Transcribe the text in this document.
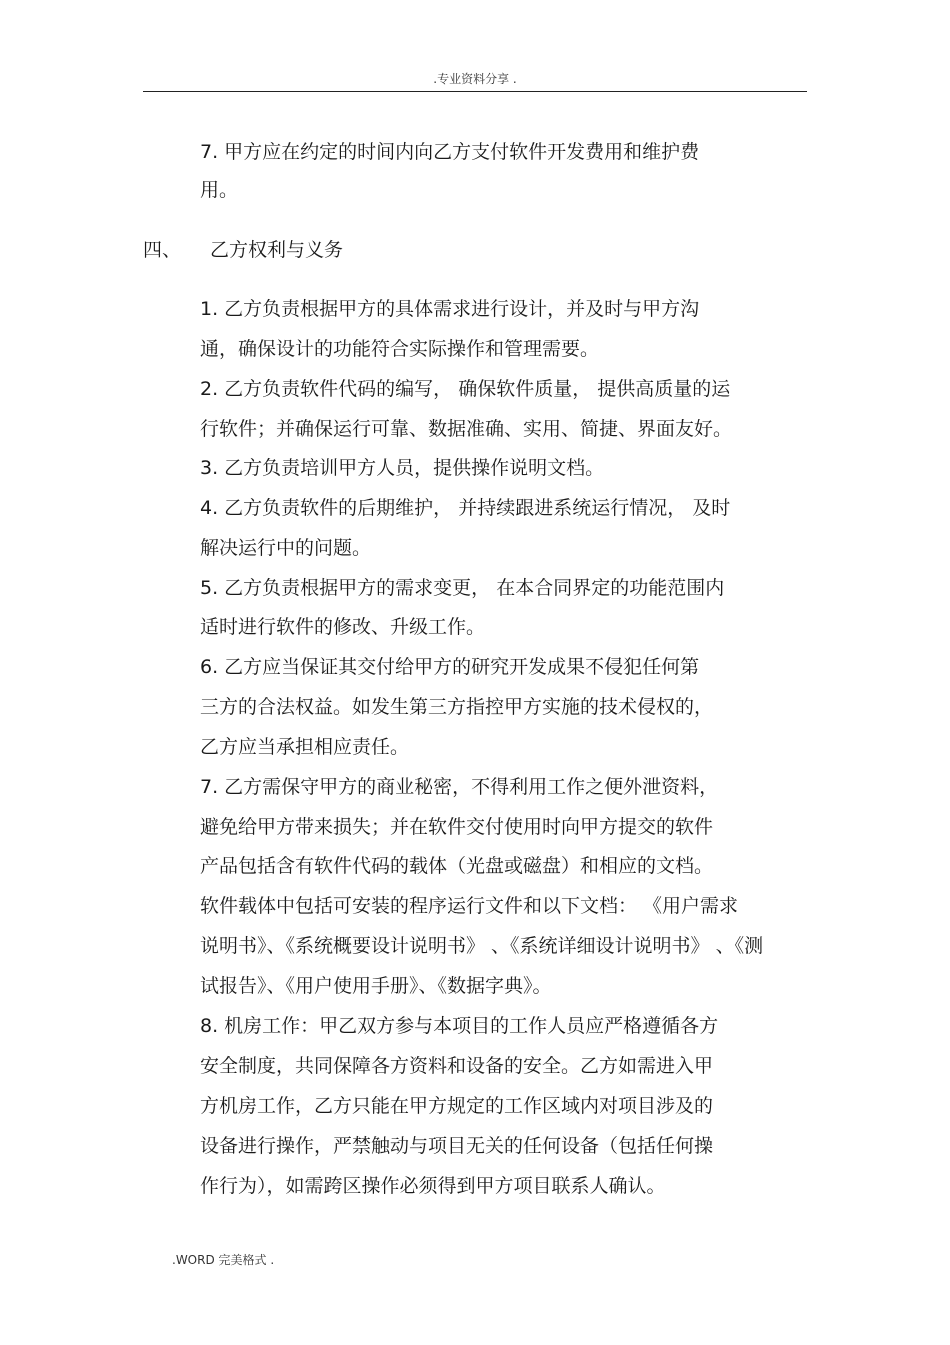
.专业资料分享 .
7. 甲方应在约定的时间内向乙方支付软件开发费用和维护费
用。
四、 乙方权利与义务
1. 乙方负责根据甲方的具体需求进行设计，并及时与甲方沟
通，确保设计的功能符合实际操作和管理需要。
2. 乙方负责软件代码的编写， 确保软件质量， 提供高质量的运
行软件；并确保运行可靠、数据准确、实用、简捷、界面友好。
3. 乙方负责培训甲方人员，提供操作说明文档。
4. 乙方负责软件的后期维护， 并持续跟进系统运行情况， 及时
解决运行中的问题。
5. 乙方负责根据甲方的需求变更， 在本合同界定的功能范围内
适时进行软件的修改、升级工作。
6. 乙方应当保证其交付给甲方的研究开发成果不侵犯任何第
三方的合法权益。如发生第三方指控甲方实施的技术侵权的，
乙方应当承担相应责任。
7. 乙方需保守甲方的商业秘密，不得利用工作之便外泄资料，
避免给甲方带来损失；并在软件交付使用时向甲方提交的软件
产品包括含有软件代码的载体（光盘或磁盘）和相应的文档。
软件载体中包括可安装的程序运行文件和以下文档： 《用户需求
说明书》、《系统概要设计说明书》 、《系统详细设计说明书》 、《测
试报告》、《用户使用手册》、《数据字典》。
8. 机房工作：甲乙双方参与本项目的工作人员应严格遵循各方
安全制度，共同保障各方资料和设备的安全。乙方如需进入甲
方机房工作，乙方只能在甲方规定的工作区域内对项目涉及的
设备进行操作，严禁触动与项目无关的任何设备（包括任何操
作行为），如需跨区操作必须得到甲方项目联系人确认。
.WORD 完美格式 .
